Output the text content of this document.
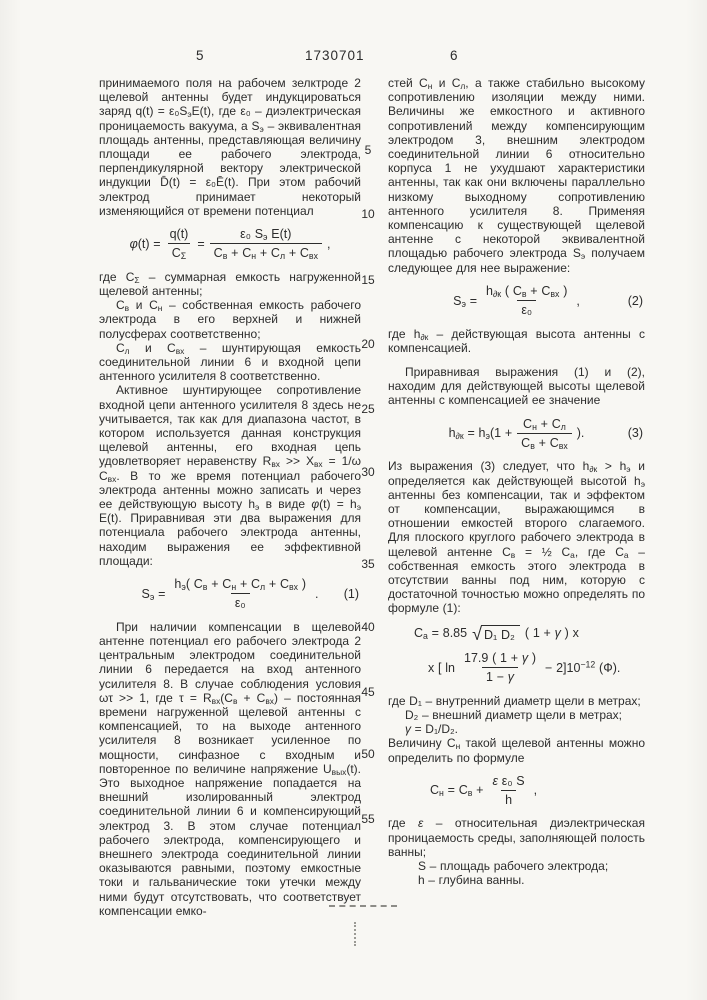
5	1730701	6
5
10
15
20
25
30
35
40
45
50
55

принимаемого поля на рабочем зелктроде 2 щелевой антенны будет индукцироваться заряд $q(t) = \varepsilon_0S_эE(t)$, где ε₀ – диэлектрическая проницаемость вакуума, а $S_э$ – эквивалентная площадь антенны, представляющая величину площади ее рабочего электрода, перпендикулярной вектору электрической индукции D̄(t) = ε₀Ē(t). При этом рабочий электрод принимает некоторый изменяющийся от времени потенциал

$\varphi(t) = \frac{q(t)}{C_\Sigma} = \frac{\varepsilon_0 S_э E(t)}{C_в + C_н + C_л + C_{вх}}$ ,

где $C_\Sigma$ – суммарная емкость нагруженной щелевой антенны;

$C_в$ и $C_н$ – собственная емкость рабочего электрода в его верхней и нижней полусферах соответственно;

$C_л$ и $C_{вх}$ – шунтирующая емкость соединительной линии 6 и входной цепи антенного усилителя 8 соответственно.

Активное шунтирующее сопротивление входной цепи антенного усилителя 8 здесь не учитывается, так как для диапазона частот, в котором используется данная конструкция щелевой антенны, его входная цепь удовлетворяет неравенству $R_{вх} >> X_{вх} = 1/\omega$ $C_{вх}$. В то же время потенциал рабочего электрода антенны можно записать и через ее действующую высоту $h_э$ в виде $\varphi(t) = h_э$ E(t). Приравнивая эти два выражения для потенциала рабочего электрода антенны, находим выражения ее эффективной площади:

$S_э = \frac{h_э( C_в + C_н + C_л + C_{вх} )}{\text{ε₀}}$ . (1)

При наличии компенсации в щелевой антенне потенциал его рабочего электрода 2 центральным электродом соединительной линии 6 передается на вход антенного усилителя 8. В случае соблюдения условия ωτ >> 1, где $\tau = R_{вх}(C_в + C_{вх})$ – постоянная времени нагруженной щелевой антенны с компенсацией, то на выходе антенного усилителя 8 возникает усиленное по мощности, синфазное с входным и повторенное по величине напряжение $U_{вых}(t)$. Это выходное напряжение попадается на внешний изолированный электрод соединительной линии 6 и компенсирующий электрод 3. В этом случае потенциал рабочего электрода, компенсирующего и внешнего электрода соединительной линии оказываются равными, поэтому емкостные токи и гальванические токи утечки между ними будут отсутствовать, что соответствует компенсации емко-

стей $C_н$ и $C_л$, а также стабильно высокому сопротивлению изоляции между ними. Величины же емкостного и активного сопротивлений между компенсирующим электродом 3, внешним электродом соединительной линии 6 относительно корпуса 1 не ухудшают характеристики антенны, так как они включены параллельно низкому выходному сопротивлению антенного усилителя 8. Применяя компенсацию к существующей щелевой антенне с некоторой эквивалентной площадью рабочего электрода $S_э$ получаем следующее для нее выражение:

$S_э = \frac{h_{\partial к} ( C_в + C_{вх} )}{\text{ε₀}}$ ,	(2)

где $h_{\partial к}$ – действующая высота антенны с компенсацией.

Приравнивая выражения (1) и (2), находим для действующей высоты щелевой антенны с компенсацией ее значение

$h_{\partial к} = h_э(1 + \frac{C_н + C_л}{C_в + C_{вх}}$ ).	(3)

Из выражения (3) следует, что $h_{\partial к} > h_э$ и определяется как действующей высотой $h_э$ антенны без компенсации, так и эффектом от компенсации, выражающимся в отношении емкостей второго слагаемого. Для плоского круглого рабочего электрода в щелевой антенне $C_в$ = ½ $C_а$, где $C_а$ – собственная емкость этого электрода в отсутствии ванны под ним, которую с достаточной точностью можно определять по формуле (1):

$C_а = 8.85$ √ D₁ D₂ ( 1 + γ ) x
x [ $\ln \frac{17.9 ( 1 + \gamma )}{1 - \gamma} - 2]10^{-12}$ (Ф).

где D₁ – внутренний диаметр щели в метрах;

D₂ – внешний диаметр щели в метрах;

γ = D₁/D₂.

Величину $C_н$ такой щелевой антенны можно определить по формуле

$C_н = C_в + \frac{\text{ε ε₀ S}}{h}$ ,

где ε – относительная диэлектрическая проницаемость среды, заполняющей полость ванны;

S – площадь рабочего электрода;

h – глубина ванны.
